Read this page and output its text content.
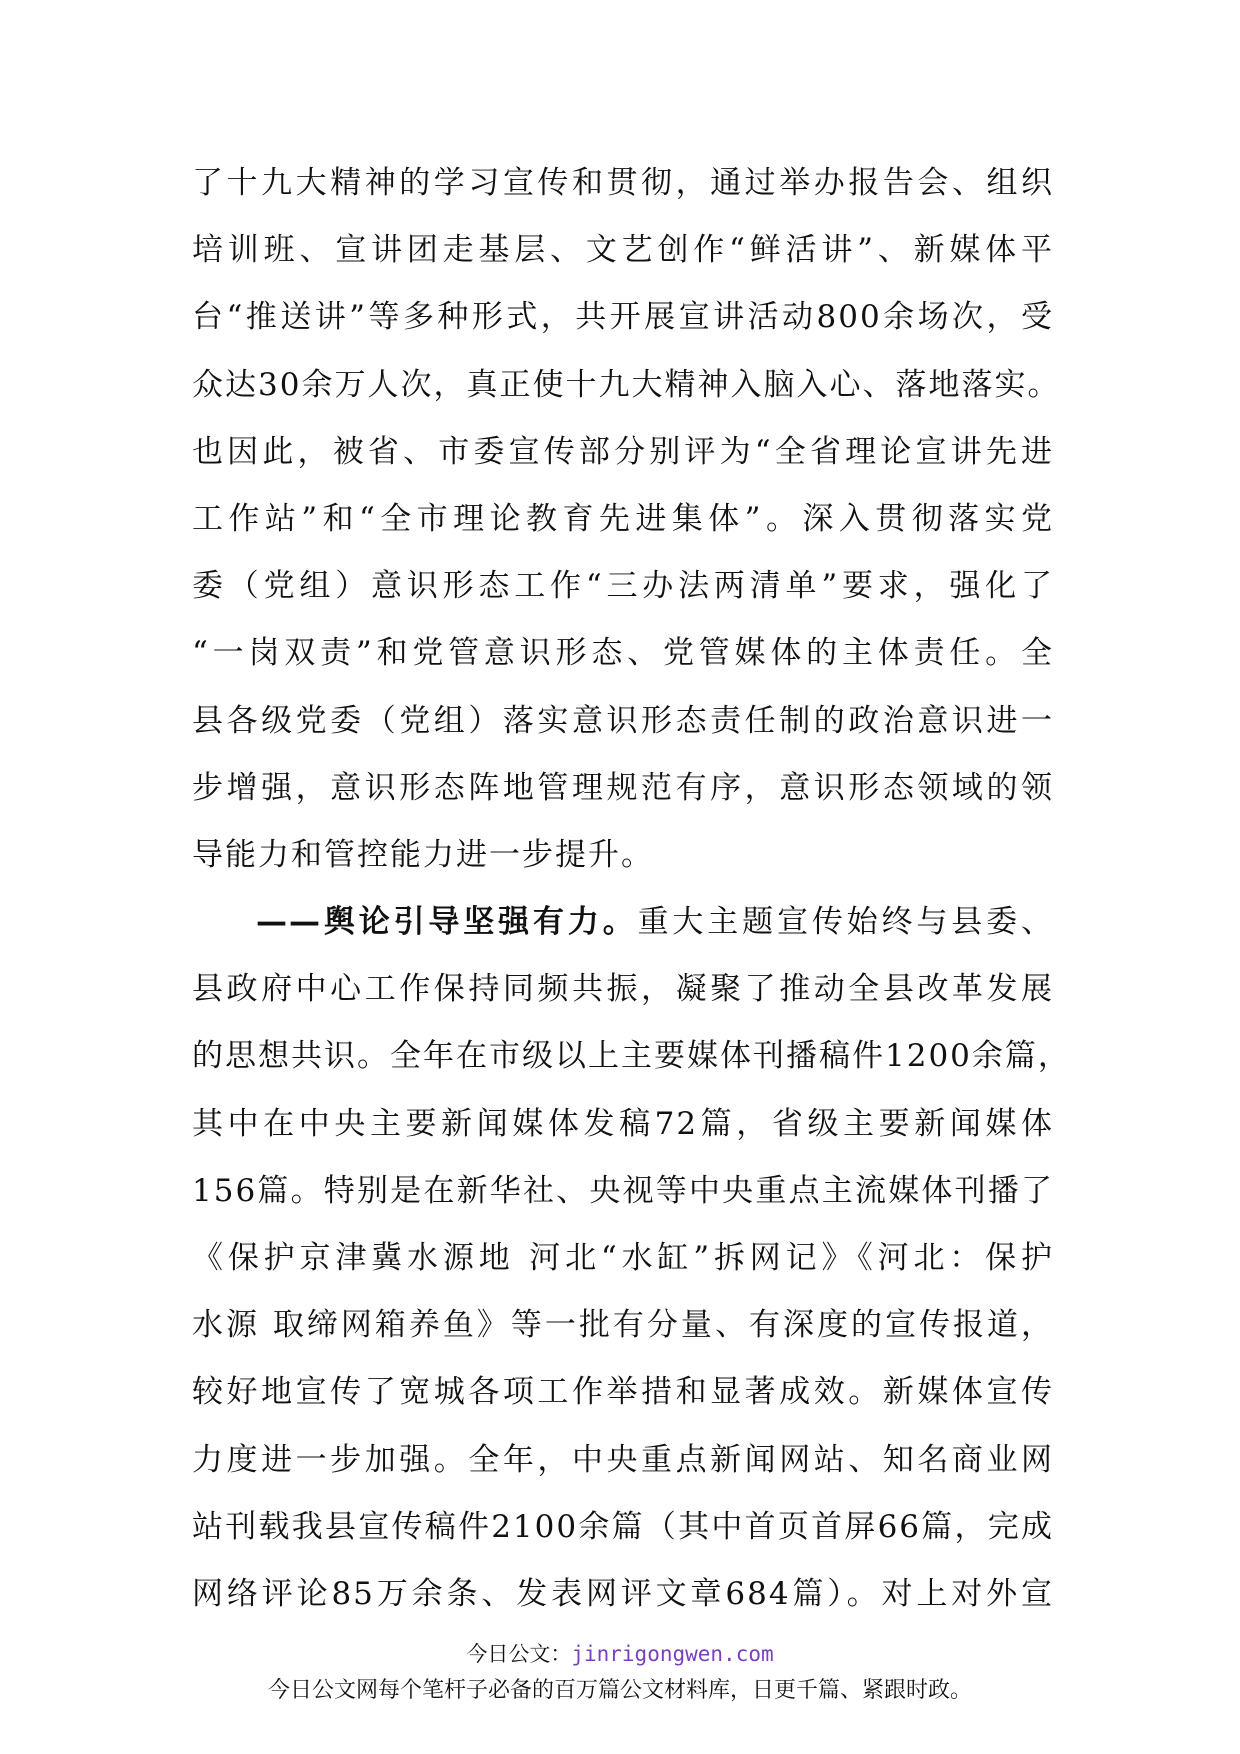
了十九大精神的学习宣传和贯彻，通过举办报告会、组织
培训班、宣讲团走基层、文艺创作“鲜活讲”、新媒体平
台“推送讲”等多种形式，共开展宣讲活动800余场次，受
众达30余万人次，真正使十九大精神入脑入心、落地落实。
也因此，被省、市委宣传部分别评为“全省理论宣讲先进
工作站”和“全市理论教育先进集体”。深入贯彻落实党
委（党组）意识形态工作“三办法两清单”要求，强化了
“一岗双责”和党管意识形态、党管媒体的主体责任。全
县各级党委（党组）落实意识形态责任制的政治意识进一
步增强，意识形态阵地管理规范有序，意识形态领域的领
导能力和管控能力进一步提升。
——舆论引导坚强有力。重大主题宣传始终与县委、
县政府中心工作保持同频共振，凝聚了推动全县改革发展
的思想共识。全年在市级以上主要媒体刊播稿件1200余篇，
其中在中央主要新闻媒体发稿72篇，省级主要新闻媒体
156篇。特别是在新华社、央视等中央重点主流媒体刊播了
《保护京津冀水源地 河北“水缸”拆网记》《河北：保护
水源 取缔网箱养鱼》等一批有分量、有深度的宣传报道，
较好地宣传了宽城各项工作举措和显著成效。新媒体宣传
力度进一步加强。全年，中央重点新闻网站、知名商业网
站刊载我县宣传稿件2100余篇（其中首页首屏66篇，完成
网络评论85万余条、发表网评文章684篇）。对上对外宣
今日公文：jinrigongwen.com
今日公文网每个笔杆子必备的百万篇公文材料库，日更千篇、紧跟时政。
